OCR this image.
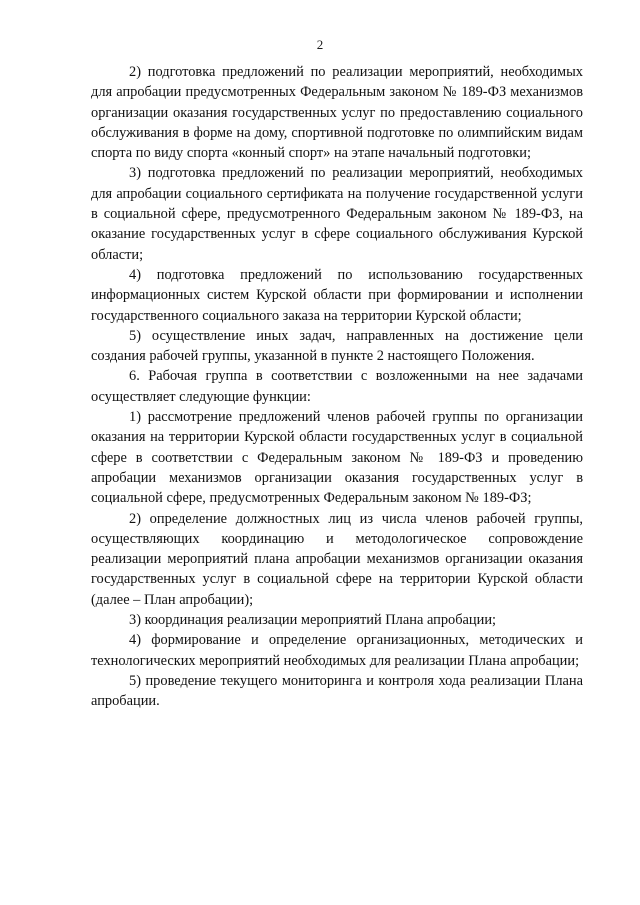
2

2) подготовка предложений по реализации мероприятий, необходимых для апробации предусмотренных Федеральным законом № 189-ФЗ механизмов организации оказания государственных услуг по предоставлению социального обслуживания в форме на дому, спортивной подготовке по олимпийским видам спорта по виду спорта «конный спорт» на этапе начальный подготовки;

3) подготовка предложений по реализации мероприятий, необходимых для апробации социального сертификата на получение государственной услуги в социальной сфере, предусмотренного Федеральным законом № 189-ФЗ, на оказание государственных услуг в сфере социального обслуживания Курской области;

4) подготовка предложений по использованию государственных информационных систем Курской области при формировании и исполнении государственного социального заказа на территории Курской области;

5) осуществление иных задач, направленных на достижение цели создания рабочей группы, указанной в пункте 2 настоящего Положения.

6. Рабочая группа в соответствии с возложенными на нее задачами осуществляет следующие функции:

1) рассмотрение предложений членов рабочей группы по организации оказания на территории Курской области государственных услуг в социальной сфере в соответствии с Федеральным законом № 189-ФЗ и проведению апробации механизмов организации оказания государственных услуг в социальной сфере, предусмотренных Федеральным законом № 189-ФЗ;

2) определение должностных лиц из числа членов рабочей группы, осуществляющих координацию и методологическое сопровождение реализации мероприятий плана апробации механизмов организации оказания государственных услуг в социальной сфере на территории Курской области (далее – План апробации);

3) координация реализации мероприятий Плана апробации;

4) формирование и определение организационных, методических и технологических мероприятий необходимых для реализации Плана апробации;

5) проведение текущего мониторинга и контроля хода реализации Плана апробации.
